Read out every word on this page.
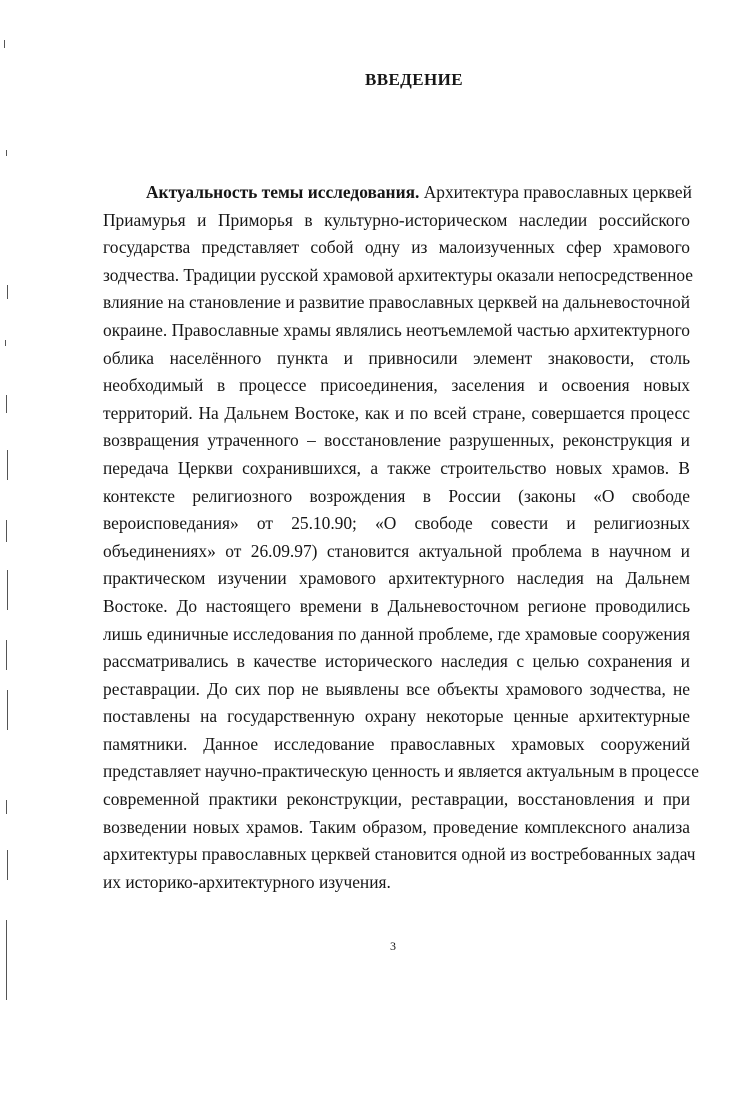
ВВЕДЕНИЕ
Актуальность темы исследования. Архитектура православных церквей
Приамурья и Приморья в культурно-историческом наследии российского
государства представляет собой одну из малоизученных сфер храмового
зодчества. Традиции русской храмовой архитектуры оказали непосредственное
влияние на становление и развитие православных церквей на дальневосточной
окраине. Православные храмы являлись неотъемлемой частью архитектурного
облика населённого пункта и привносили элемент знаковости, столь
необходимый в процессе присоединения, заселения и освоения новых
территорий. На Дальнем Востоке, как и по всей стране, совершается процесс
возвращения утраченного – восстановление разрушенных, реконструкция и
передача Церкви сохранившихся, а также строительство новых храмов. В
контексте религиозного возрождения в России (законы «О свободе
вероисповедания» от 25.10.90; «О свободе совести и религиозных
объединениях» от 26.09.97) становится актуальной проблема в научном и
практическом изучении храмового архитектурного наследия на Дальнем
Востоке. До настоящего времени в Дальневосточном регионе проводились
лишь единичные исследования по данной проблеме, где храмовые сооружения
рассматривались в качестве исторического наследия с целью сохранения и
реставрации. До сих пор не выявлены все объекты храмового зодчества, не
поставлены на государственную охрану некоторые ценные архитектурные
памятники. Данное исследование православных храмовых сооружений
представляет научно-практическую ценность и является актуальным в процессе
современной практики реконструкции, реставрации, восстановления и при
возведении новых храмов. Таким образом, проведение комплексного анализа
архитектуры православных церквей становится одной из востребованных задач
их историко-архитектурного изучения.
3
